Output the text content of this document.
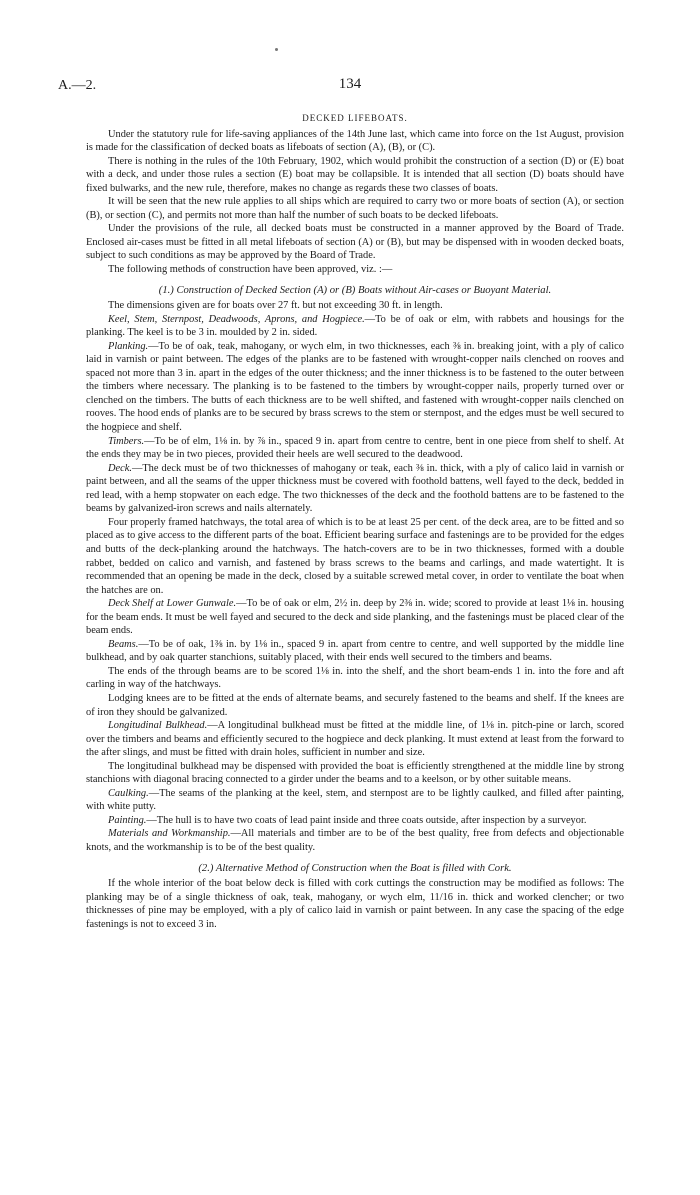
A.—2.	134
DECKED LIFEBOATS.

Under the statutory rule for life-saving appliances of the 14th June last, which came into force on the 1st August, provision is made for the classification of decked boats as lifeboats of section (A), (B), or (C).

There is nothing in the rules of the 10th February, 1902, which would prohibit the construction of a section (D) or (E) boat with a deck, and under those rules a section (E) boat may be collapsible. It is intended that all section (D) boats should have fixed bulwarks, and the new rule, therefore, makes no change as regards these two classes of boats.

It will be seen that the new rule applies to all ships which are required to carry two or more boats of section (A), or section (B), or section (C), and permits not more than half the number of such boats to be decked lifeboats.

Under the provisions of the rule, all decked boats must be constructed in a manner approved by the Board of Trade. Enclosed air-cases must be fitted in all metal lifeboats of section (A) or (B), but may be dispensed with in wooden decked boats, subject to such conditions as may be approved by the Board of Trade.

The following methods of construction have been approved, viz. :—

(1.) Construction of Decked Section (A) or (B) Boats without Air-cases or Buoyant Material.

The dimensions given are for boats over 27 ft. but not exceeding 30 ft. in length.

Keel, Stem, Sternpost, Deadwoods, Aprons, and Hogpiece.—To be of oak or elm, with rabbets and housings for the planking. The keel is to be 3 in. moulded by 2 in. sided.

Planking.—To be of oak, teak, mahogany, or wych elm, in two thicknesses, each ⅜ in. breaking joint, with a ply of calico laid in varnish or paint between. The edges of the planks are to be fastened with wrought-copper nails clenched on rooves and spaced not more than 3 in. apart in the edges of the outer thickness; and the inner thickness is to be fastened to the outer between the timbers where necessary. The planking is to be fastened to the timbers by wrought-copper nails, properly turned over or clenched on the timbers. The butts of each thickness are to be well shifted, and fastened with wrought-copper nails clenched on rooves. The hood ends of planks are to be secured by brass screws to the stem or sternpost, and the edges must be well secured to the hogpiece and shelf.

Timbers.—To be of elm, 1⅛ in. by ⅞ in., spaced 9 in. apart from centre to centre, bent in one piece from shelf to shelf. At the ends they may be in two pieces, provided their heels are well secured to the deadwood.

Deck.—The deck must be of two thicknesses of mahogany or teak, each ⅜ in. thick, with a ply of calico laid in varnish or paint between, and all the seams of the upper thickness must be covered with foothold battens, well fayed to the deck, bedded in red lead, with a hemp stopwater on each edge. The two thicknesses of the deck and the foothold battens are to be fastened to the beams by galvanized-iron screws and nails alternately.

Four properly framed hatchways, the total area of which is to be at least 25 per cent. of the deck area, are to be fitted and so placed as to give access to the different parts of the boat. Efficient bearing surface and fastenings are to be provided for the edges and butts of the deck-planking around the hatchways. The hatch-covers are to be in two thicknesses, formed with a double rabbet, bedded on calico and varnish, and fastened by brass screws to the beams and carlings, and made watertight. It is recommended that an opening be made in the deck, closed by a suitable screwed metal cover, in order to ventilate the boat when the hatches are on.

Deck Shelf at Lower Gunwale.—To be of oak or elm, 2½ in. deep by 2⅜ in. wide; scored to provide at least 1⅛ in. housing for the beam ends. It must be well fayed and secured to the deck and side planking, and the fastenings must be placed clear of the beam ends.

Beams.—To be of oak, 1⅜ in. by 1⅛ in., spaced 9 in. apart from centre to centre, and well supported by the middle line bulkhead, and by oak quarter stanchions, suitably placed, with their ends well secured to the timbers and beams.

The ends of the through beams are to be scored 1⅛ in. into the shelf, and the short beam-ends 1 in. into the fore and aft carling in way of the hatchways.

Lodging knees are to be fitted at the ends of alternate beams, and securely fastened to the beams and shelf. If the knees are of iron they should be galvanized.

Longitudinal Bulkhead.—A longitudinal bulkhead must be fitted at the middle line, of 1⅛ in. pitch-pine or larch, scored over the timbers and beams and efficiently secured to the hogpiece and deck planking. It must extend at least from the forward to the after slings, and must be fitted with drain holes, sufficient in number and size.

The longitudinal bulkhead may be dispensed with provided the boat is efficiently strengthened at the middle line by strong stanchions with diagonal bracing connected to a girder under the beams and to a keelson, or by other suitable means.

Caulking.—The seams of the planking at the keel, stem, and sternpost are to be lightly caulked, and filled after painting, with white putty.

Painting.—The hull is to have two coats of lead paint inside and three coats outside, after inspection by a surveyor.

Materials and Workmanship.—All materials and timber are to be of the best quality, free from defects and objectionable knots, and the workmanship is to be of the best quality.

(2.) Alternative Method of Construction when the Boat is filled with Cork.

If the whole interior of the boat below deck is filled with cork cuttings the construction may be modified as follows: The planking may be of a single thickness of oak, teak, mahogany, or wych elm, 11/16 in. thick and worked clencher; or two thicknesses of pine may be employed, with a ply of calico laid in varnish or paint between. In any case the spacing of the edge fastenings is not to exceed 3 in.
